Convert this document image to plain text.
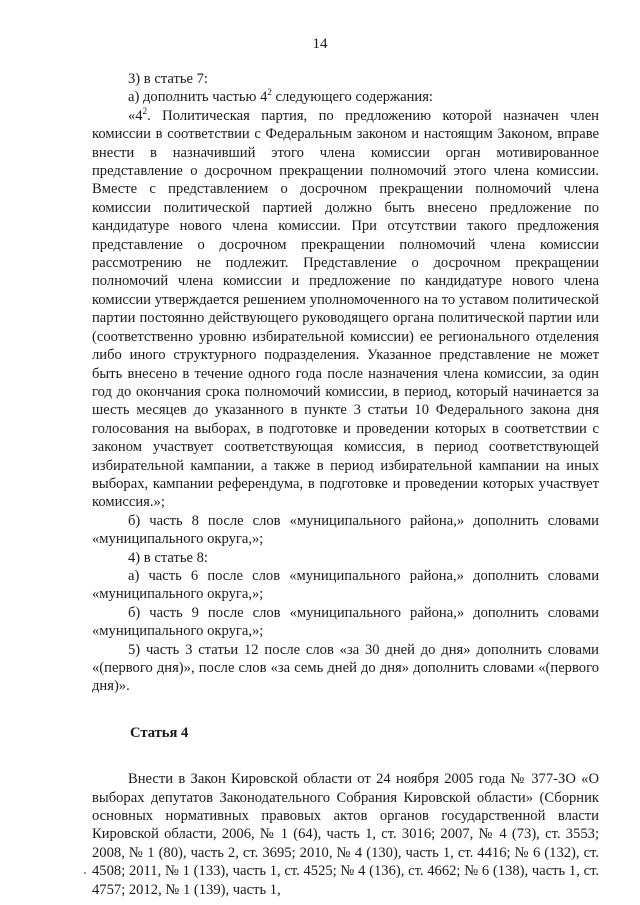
14

3) в статье 7:

а) дополнить частью $4^2$ следующего содержания:

«$4^2$. Политическая партия, по предложению которой назначен член комиссии в соответствии с Федеральным законом и настоящим Законом, вправе внести в назначивший этого члена комиссии орган мотивированное представление о досрочном прекращении полномочий этого члена комиссии. Вместе с представлением о досрочном прекращении полномочий члена комиссии политической партией должно быть внесено предложение по кандидатуре нового члена комиссии. При отсутствии такого предложения представление о досрочном прекращении полномочий члена комиссии рассмотрению не подлежит. Представление о досрочном прекращении полномочий члена комиссии и предложение по кандидатуре нового члена комиссии утверждается решением уполномоченного на то уставом политической партии постоянно действующего руководящего органа политической партии или (соответственно уровню избирательной комиссии) ее регионального отделения либо иного структурного подразделения. Указанное представление не может быть внесено в течение одного года после назначения члена комиссии, за один год до окончания срока полномочий комиссии, в период, который начинается за шесть месяцев до указанного в пункте 3 статьи 10 Федерального закона дня голосования на выборах, в подготовке и проведении которых в соответствии с законом участвует соответствующая комиссия, в период соответствующей избирательной кампании, а также в период избирательной кампании на иных выборах, кампании референдума, в подготовке и проведении которых участвует комиссия.»;

б) часть 8 после слов «муниципального района,» дополнить словами «муниципального округа,»;

4) в статье 8:

а) часть 6 после слов «муниципального района,» дополнить словами «муниципального округа,»;

б) часть 9 после слов «муниципального района,» дополнить словами «муниципального округа,»;

5) часть 3 статьи 12 после слов «за 30 дней до дня» дополнить словами «(первого дня)», после слов «за семь дней до дня» дополнить словами «(первого дня)».

Статья 4

Внести в Закон Кировской области от 24 ноября 2005 года № 377-ЗО «О выборах депутатов Законодательного Собрания Кировской области» (Сборник основных нормативных правовых актов органов государственной власти Кировской области, 2006, № 1 (64), часть 1, ст. 3016; 2007, № 4 (73), ст. 3553; 2008, № 1 (80), часть 2, ст. 3695; 2010, № 4 (130), часть 1, ст. 4416; № 6 (132), ст. 4508; 2011, № 1 (133), часть 1, ст. 4525; № 4 (136), ст. 4662; № 6 (138), часть 1, ст. 4757; 2012, № 1 (139), часть 1,
